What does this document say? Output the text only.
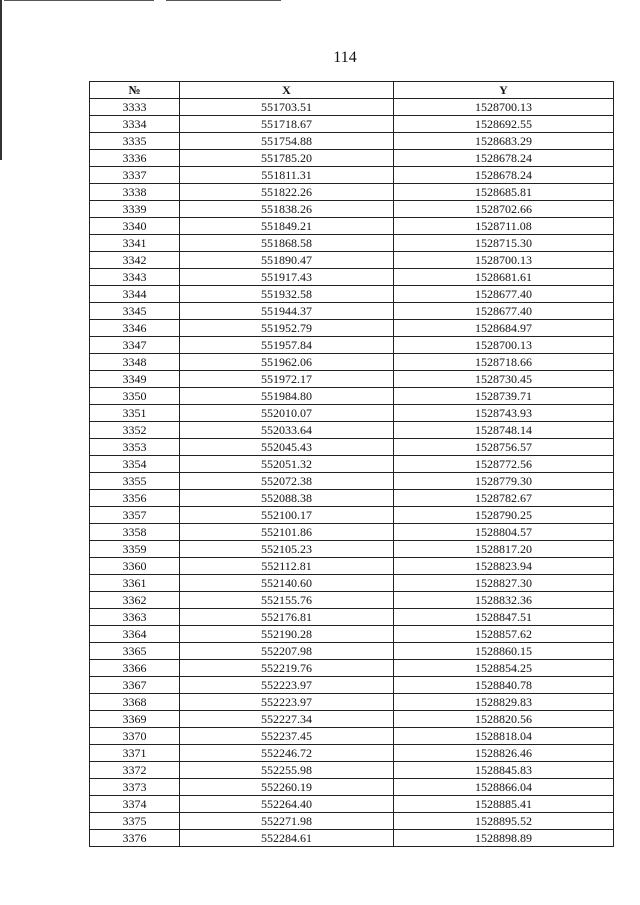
114
№	X	Y
3333	551703.51	1528700.13
3334	551718.67	1528692.55
3335	551754.88	1528683.29
3336	551785.20	1528678.24
3337	551811.31	1528678.24
3338	551822.26	1528685.81
3339	551838.26	1528702.66
3340	551849.21	1528711.08
3341	551868.58	1528715.30
3342	551890.47	1528700.13
3343	551917.43	1528681.61
3344	551932.58	1528677.40
3345	551944.37	1528677.40
3346	551952.79	1528684.97
3347	551957.84	1528700.13
3348	551962.06	1528718.66
3349	551972.17	1528730.45
3350	551984.80	1528739.71
3351	552010.07	1528743.93
3352	552033.64	1528748.14
3353	552045.43	1528756.57
3354	552051.32	1528772.56
3355	552072.38	1528779.30
3356	552088.38	1528782.67
3357	552100.17	1528790.25
3358	552101.86	1528804.57
3359	552105.23	1528817.20
3360	552112.81	1528823.94
3361	552140.60	1528827.30
3362	552155.76	1528832.36
3363	552176.81	1528847.51
3364	552190.28	1528857.62
3365	552207.98	1528860.15
3366	552219.76	1528854.25
3367	552223.97	1528840.78
3368	552223.97	1528829.83
3369	552227.34	1528820.56
3370	552237.45	1528818.04
3371	552246.72	1528826.46
3372	552255.98	1528845.83
3373	552260.19	1528866.04
3374	552264.40	1528885.41
3375	552271.98	1528895.52
3376	552284.61	1528898.89
